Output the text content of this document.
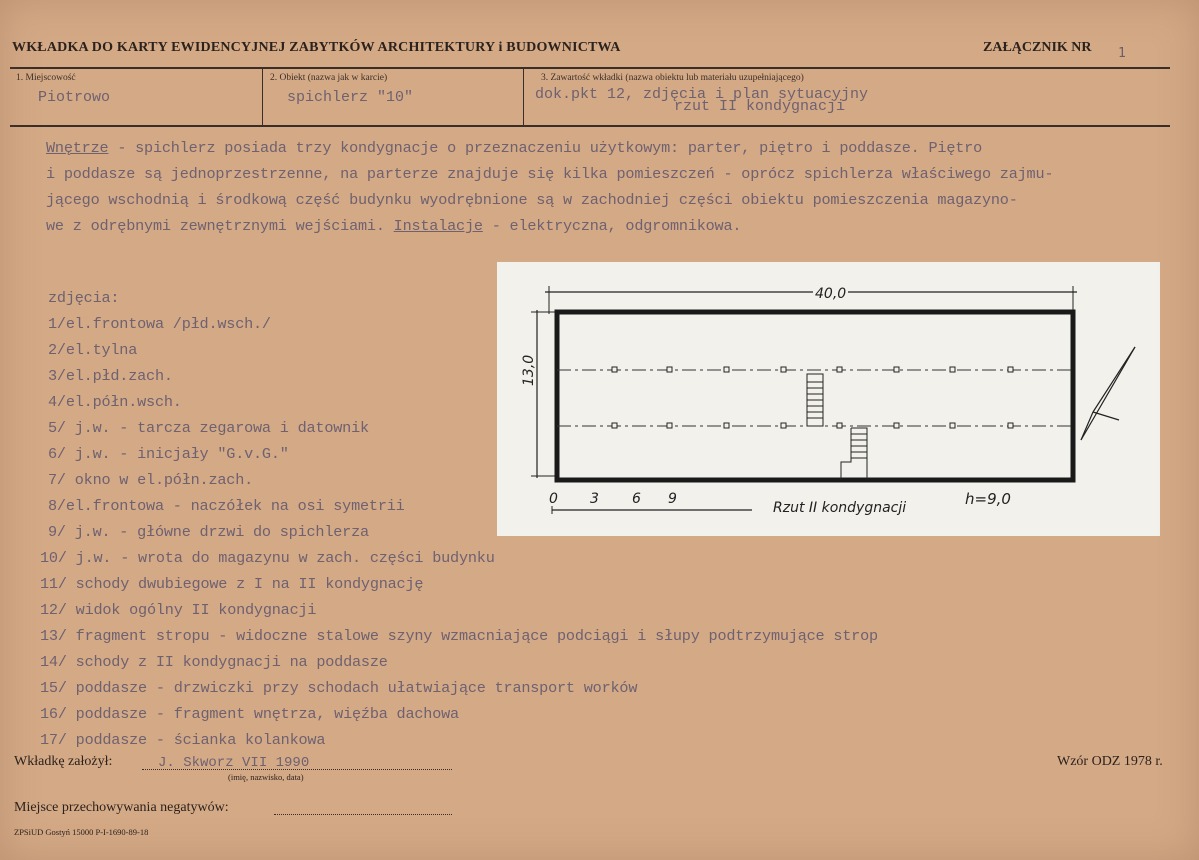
WKŁADKA DO KARTY EWIDENCYJNEJ ZABYTKÓW ARCHITEKTURY i BUDOWNICTWA	ZAŁĄCZNIK NR 1
1. Miejscowość
Piotrowo
2. Obiekt (nazwa jak w karcie)
spichlerz "10"
3. Zawartość wkładki (nazwa obiektu lub materiału uzupełniającego)
dok.pkt 12, zdjęcia i plan sytuacyjny
rzut II kondygnacji
Wnętrze - spichlerz posiada trzy kondygnacje o przeznaczeniu użytkowym: parter, piętro i poddasze. Piętro
i poddasze są jednoprzestrzenne, na parterze znajduje się kilka pomieszczeń - oprócz spichlerza właściwego zajmu-
jącego wschodnią i środkową część budynku wyodrębnione są w zachodniej części obiektu pomieszczenia magazyno-
we z odrębnymi zewnętrznymi wejściami. Instalacje - elektryczna, odgromnikowa.
zdjęcia:
1/el.frontowa /płd.wsch./
2/el.tylna
3/el.płd.zach.
4/el.półn.wsch.
5/ j.w. - tarcza zegarowa i datownik
6/ j.w. - inicjały "G.v.G."
7/ okno w el.półn.zach.
8/el.frontowa - naczółek na osi symetrii
9/ j.w. - główne drzwi do spichlerza
10/ j.w. - wrota do magazynu w zach. części budynku
11/ schody dwubiegowe z I na II kondygnację
12/ widok ogólny II kondygnacji
13/ fragment stropu - widoczne stalowe szyny wzmacniające podciągi i słupy podtrzymujące strop
14/ schody z II kondygnacji na poddasze
15/ poddasze - drzwiczki przy schodach ułatwiające transport worków
16/ poddasze - fragment wnętrza, więźba dachowa
17/ poddasze - ścianka kolankowa
40,0
13,0
0 3 6 9
Rzut II kondygnacji	h=9,0
Wkładkę założył:	J. Skworz VII 1990
(imię, nazwisko, data)
Wzór ODZ 1978 r.
Miejsce przechowywania negatywów:
ZPSiUD Gostyń 15000 P-I-1690-89-18
